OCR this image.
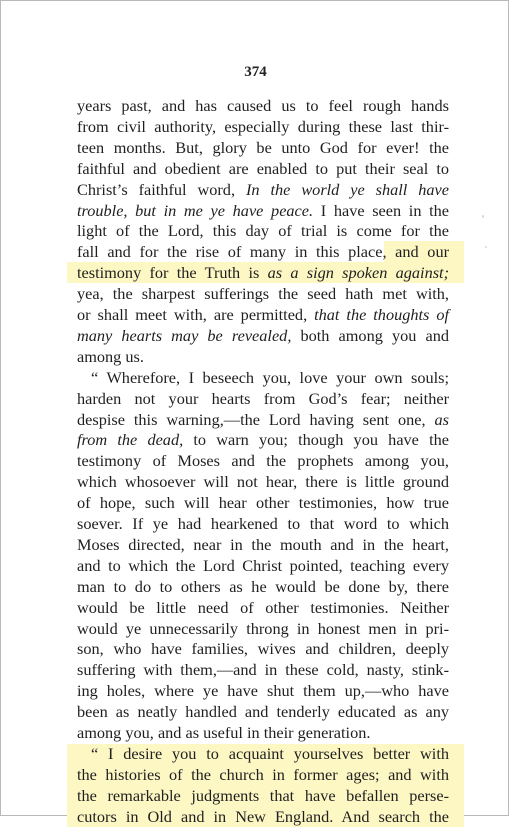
374
years past, and has caused us to feel rough hands
from civil authority, especially during these last thir-
teen months. But, glory be unto God for ever! the
faithful and obedient are enabled to put their seal to
Christ’s faithful word, In the world ye shall have
trouble, but in me ye have peace. I have seen in the
light of the Lord, this day of trial is come for the
fall and for the rise of many in this place, and our
testimony for the Truth is as a sign spoken against;
yea, the sharpest sufferings the seed hath met with,
or shall meet with, are permitted, that the thoughts of
many hearts may be revealed, both among you and
among us.
“ Wherefore, I beseech you, love your own souls;
harden not your hearts from God’s fear; neither
despise this warning,—the Lord having sent one, as
from the dead, to warn you; though you have the
testimony of Moses and the prophets among you,
which whosoever will not hear, there is little ground
of hope, such will hear other testimonies, how true
soever. If ye had hearkened to that word to which
Moses directed, near in the mouth and in the heart,
and to which the Lord Christ pointed, teaching every
man to do to others as he would be done by, there
would be little need of other testimonies. Neither
would ye unnecessarily throng in honest men in pri-
son, who have families, wives and children, deeply
suffering with them,—and in these cold, nasty, stink-
ing holes, where ye have shut them up,—who have
been as neatly handled and tenderly educated as any
among you, and as useful in their generation.
“ I desire you to acquaint yourselves better with
the histories of the church in former ages; and with
the remarkable judgments that have befallen perse-
cutors in Old and in New England. And search the
